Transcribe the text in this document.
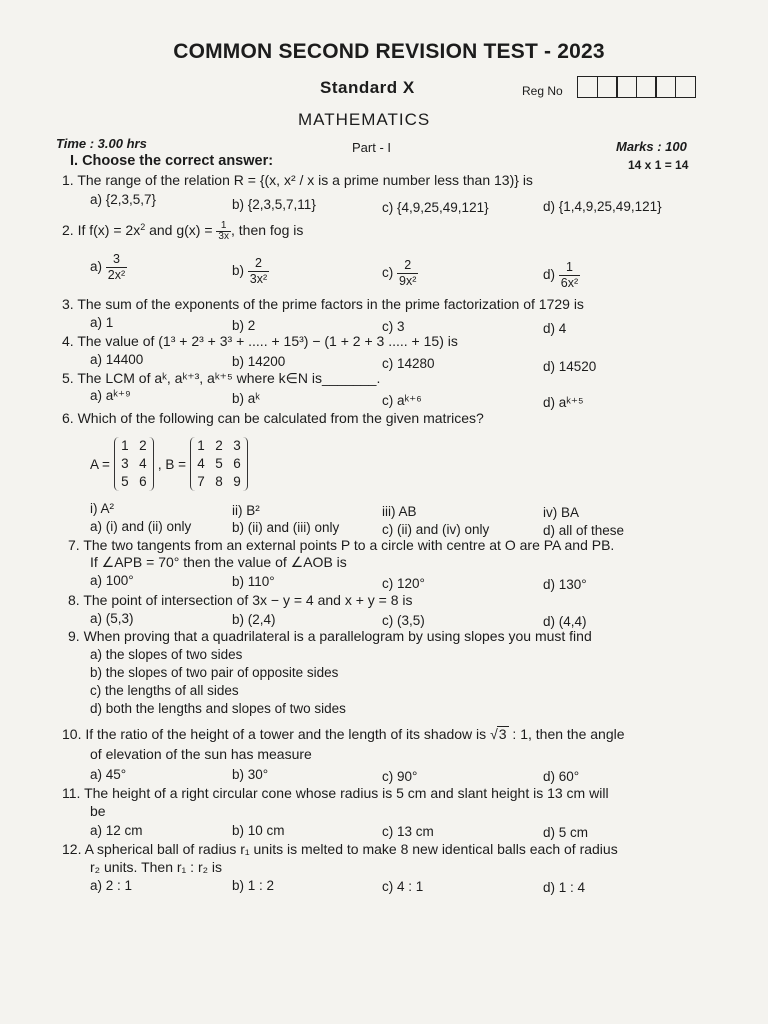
COMMON SECOND REVISION TEST - 2023
Standard X	Reg No
MATHEMATICS
Time : 3.00 hrs	Part - I	Marks : 100
14 x 1 = 14
I. Choose the correct answer:
1. The range of the relation R = {(x, x² / x is a prime number less than 13)} is
a) {2,3,5,7}	b) {2,3,5,7,11}	c) {4,9,25,49,121}	d) {1,4,9,25,49,121}
2. If $f(x) = 2x^2$ and $g(x) = \frac{1}{3x}$ , then fog is
$a) \frac{3}{\text{2x²}}$	$b) \frac{2}{\text{3x²}}$	$c) \frac{2}{\text{9x²}}$	$d) \frac{1}{\text{6x²}}$
3. The sum of the exponents of the prime factors in the prime factorization of 1729 is
a) 1	b) 2	c) 3	d) 4
4. The value of (1³ + 2³ + 3³ + ..... + 15³) − (1 + 2 + 3 ..... + 15) is
a) 14400	b) 14200	c) 14280	d) 14520
5. The LCM of aᵏ, aᵏ⁺³, aᵏ⁺⁵ where k∈N is_______.
a) aᵏ⁺⁹	b) aᵏ	c) aᵏ⁺⁶	d) aᵏ⁺⁵
6. Which of the following can be calculated from the given matrices?
A =
1 2
3 4
5 6
, B =
1 2 3
4 5 6
7 8 9
i) A²	ii) B²	iii) AB	iv) BA
a) (i) and (ii) only	b) (ii) and (iii) only	c) (ii) and (iv) only	d) all of these
7. The two tangents from an external points P to a circle with centre at O are PA and PB.
If ∠APB = 70° then the value of ∠AOB is
a) 100°	b) 110°	c) 120°	d) 130°
8. The point of intersection of 3x − y = 4 and x + y = 8 is
a) (5,3)	b) (2,4)	c) (3,5)	d) (4,4)
9. When proving that a quadrilateral is a parallelogram by using slopes you must find
a) the slopes of two sides
b) the slopes of two pair of opposite sides
c) the lengths of all sides
d) both the lengths and slopes of two sides
10. If the ratio of the height of a tower and the length of its shadow is √3 : 1, then the angle
of elevation of the sun has measure
a) 45°	b) 30°	c) 90°	d) 60°
11. The height of a right circular cone whose radius is 5 cm and slant height is 13 cm will
be
a) 12 cm	b) 10 cm	c) 13 cm	d) 5 cm
12. A spherical ball of radius r₁ units is melted to make 8 new identical balls each of radius
r₂ units. Then r₁ : r₂ is
a) 2 : 1	b) 1 : 2	c) 4 : 1	d) 1 : 4
